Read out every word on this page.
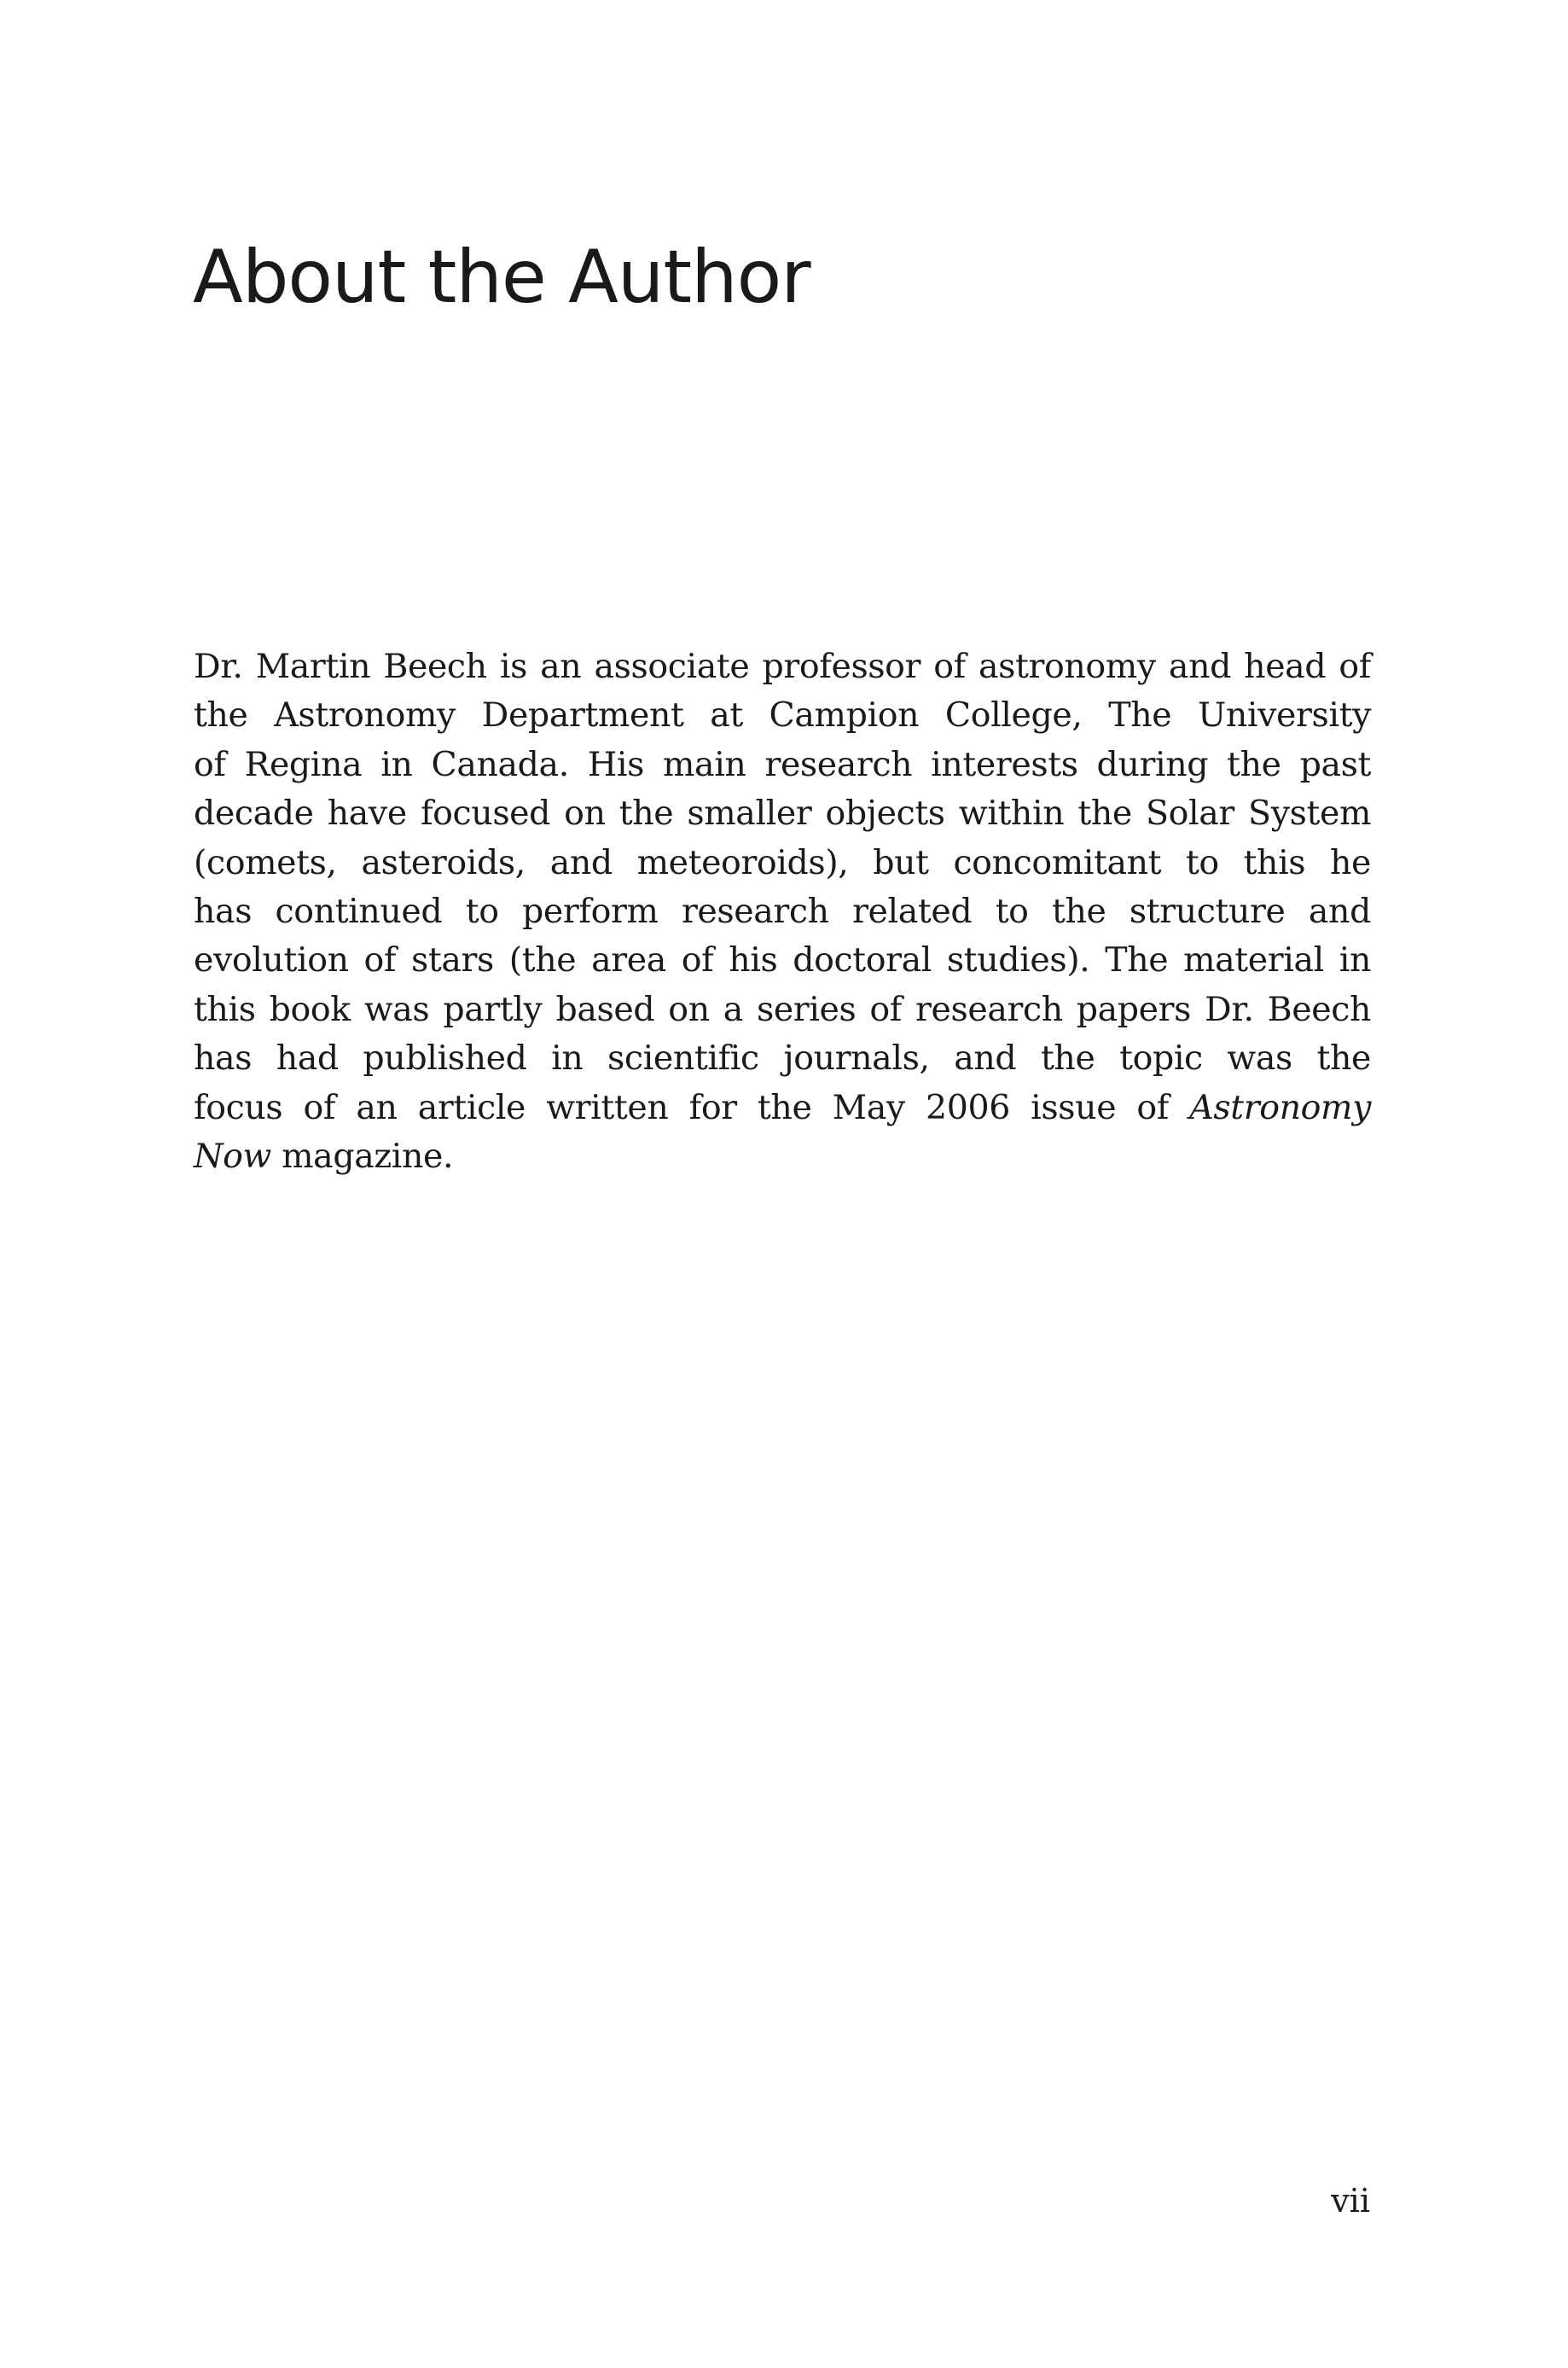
About the Author

Dr. Martin Beech is an associate professor of astronomy and head of
the Astronomy Department at Campion College, The University
of Regina in Canada. His main research interests during the past
decade have focused on the smaller objects within the Solar System
(comets, asteroids, and meteoroids), but concomitant to this he
has continued to perform research related to the structure and
evolution of stars (the area of his doctoral studies). The material in
this book was partly based on a series of research papers Dr. Beech
has had published in scientific journals, and the topic was the
focus of an article written for the May 2006 issue of Astronomy
Now magazine.

vii
